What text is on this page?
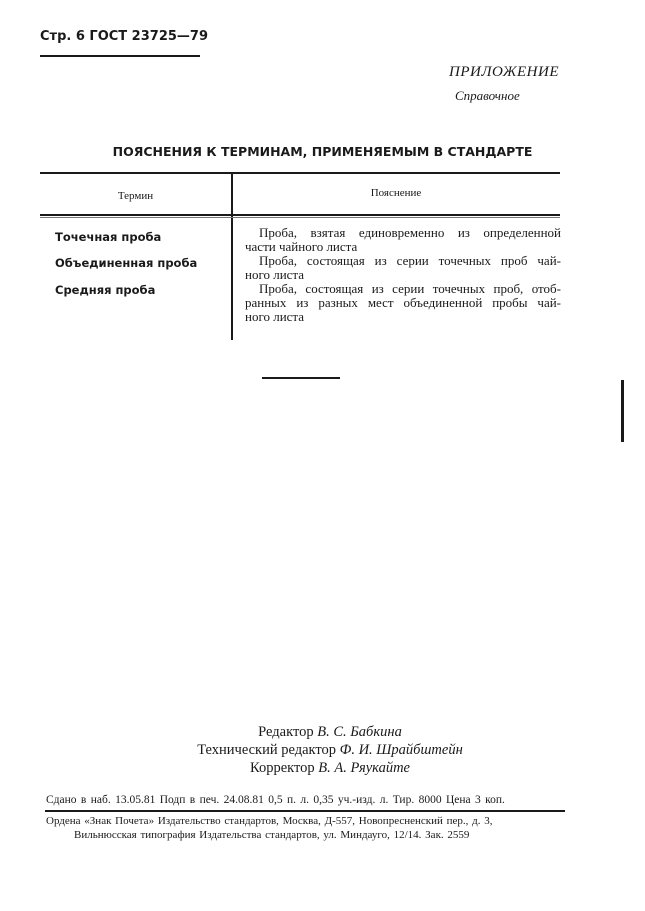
Стр. 6 ГОСТ 23725—79
ПРИЛОЖЕНИЕ
Справочное
ПОЯСНЕНИЯ К ТЕРМИНАМ, ПРИМЕНЯЕМЫМ В СТАНДАРТЕ
Термин	Пояснение
Точечная проба
Объединенная проба
Средняя проба
Проба, взятая единовременно из определенной
части чайного листа
Проба, состоящая из серии точечных проб чай-
ного листа
Проба, состоящая из серии точечных проб, отоб-
ранных из разных мест объединенной пробы чай-
ного листа
Редактор В. С. Бабкина
Технический редактор Ф. И. Шрайбштейн
Корректор В. А. Ряукайте
Сдано в наб. 13.05.81 Подп в печ. 24.08.81 0,5 п. л. 0,35 уч.-изд. л. Тир. 8000 Цена 3 коп.
Ордена «Знак Почета» Издательство стандартов, Москва, Д-557, Новопресненский пер., д. 3,
Вильнюсская типография Издательства стандартов, ул. Миндауго, 12/14. Зак. 2559
